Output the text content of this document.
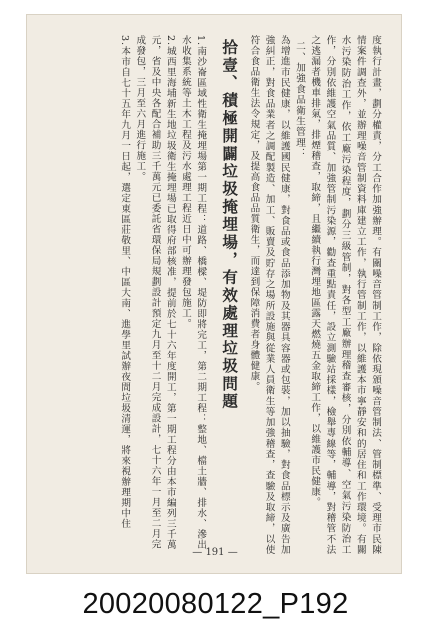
度執行計畫，劃分權責，分工合作加強辦理。有關噪音管制工作，除依現頒噪音管制法、管制標準、受理市民陳情案件調查外，並辦理噪音管制資料庫建立工作，執行管制工作，以維護本市寧靜安和的居住和工作環境。有關水污染防治工作，依工廠污染程度，劃分三級管制，對各型工廠辦理稽查審核，分別依輔導、空氣污染防治工作，分別依維護空氣品質、加強管制污染源，勸查重點責任，設立測驗站採樣，檢舉專線等，輔導，對稽管不法之逃漏者機車排氣，排煙稽查，取締，且繼續執行灣埋地區露天燃燒五金取締工作，以維護市民健康。

二、加強食品衛生管理：

為增進市民健康，以維護國民健康，對食品或食品添加物及其器具容器或包裝，加以抽驗，對食品標示及廣告加強糾正，對食品業者之調配製造、加工、販賣及貯存之場所設施與從業人員衛生等加強稽查，查驗及取締，以使符合食品衛生法令規定，及提高食品品質衛生，而達到保障消費者身體健康。

拾壹、積極開闢垃圾掩埋場，有效處理垃圾問題

1.南沙崙區域性衛生掩埋場第一期工程：道路、橋樑、堤防即將完工，第二期工程：整地、檔土牆、排水、滲出水收集系統等土木工程及污水處理工程近日中可辦理發包施工。

2.城西里海埔新生地垃圾衛生掩埋場已取得府部核准，提前於七十六年度開工，第一期工程分由本市編列三千萬元，省及中央各配合補助三千萬元已委託省環保局規劃設計預定九月至十二月完成設計，七十六年一月至二月完成發包，三月至六月進行施工。

3.本市自七十五年九月一日起，選定東區莊敬里、中區大南、進學里試辦夜間垃圾清運，將來視辦理期中住

— 191 —
20020080122_P192
